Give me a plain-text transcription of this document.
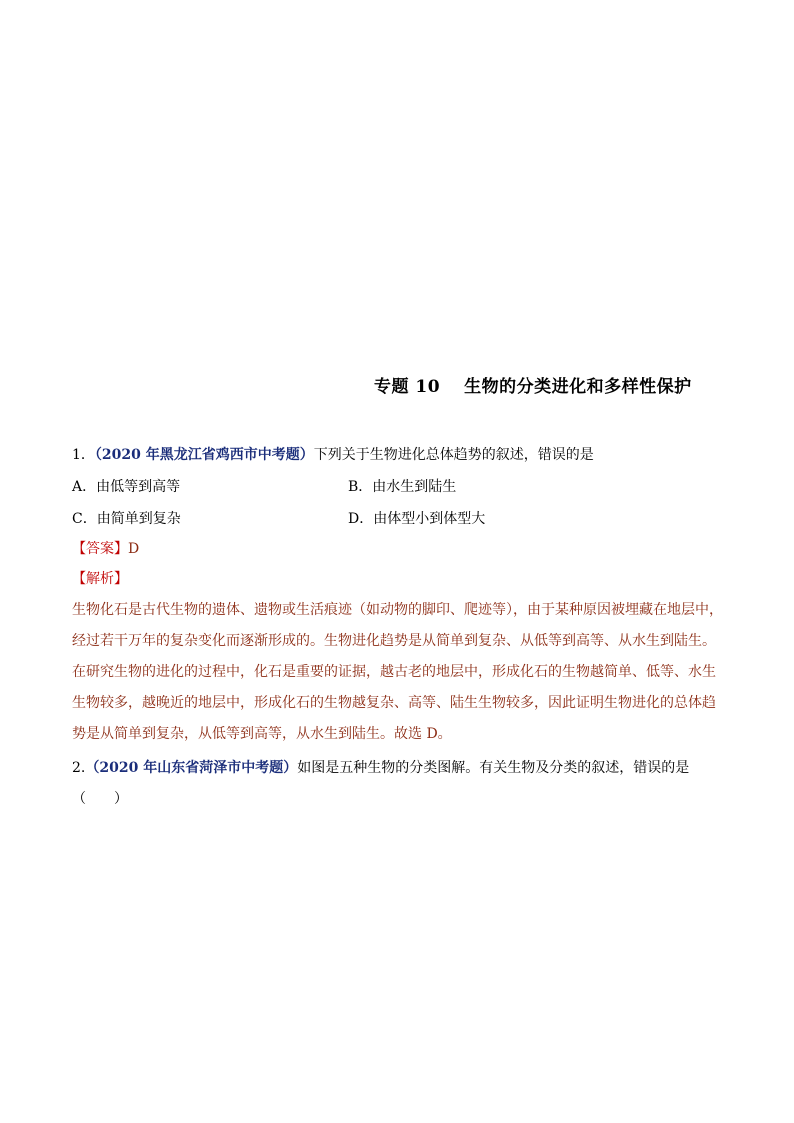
专题 10 生物的分类进化和多样性保护
1．（2020 年黑龙江省鸡西市中考题）下列关于生物进化总体趋势的叙述，错误的是
A．由低等到高等	B．由水生到陆生
C．由简单到复杂	D．由体型小到体型大
【答案】D
【解析】
生物化石是古代生物的遗体、遗物或生活痕迹（如动物的脚印、爬迹等），由于某种原因被埋藏在地层中，
经过若干万年的复杂变化而逐渐形成的。生物进化趋势是从简单到复杂、从低等到高等、从水生到陆生。
在研究生物的进化的过程中，化石是重要的证据，越古老的地层中，形成化石的生物越简单、低等、水生
生物较多，越晚近的地层中，形成化石的生物越复杂、高等、陆生生物较多，因此证明生物进化的总体趋
势是从简单到复杂，从低等到高等，从水生到陆生。故选 D。
2.（2020 年山东省菏泽市中考题）如图是五种生物的分类图解。有关生物及分类的叙述，错误的是
（　　）
